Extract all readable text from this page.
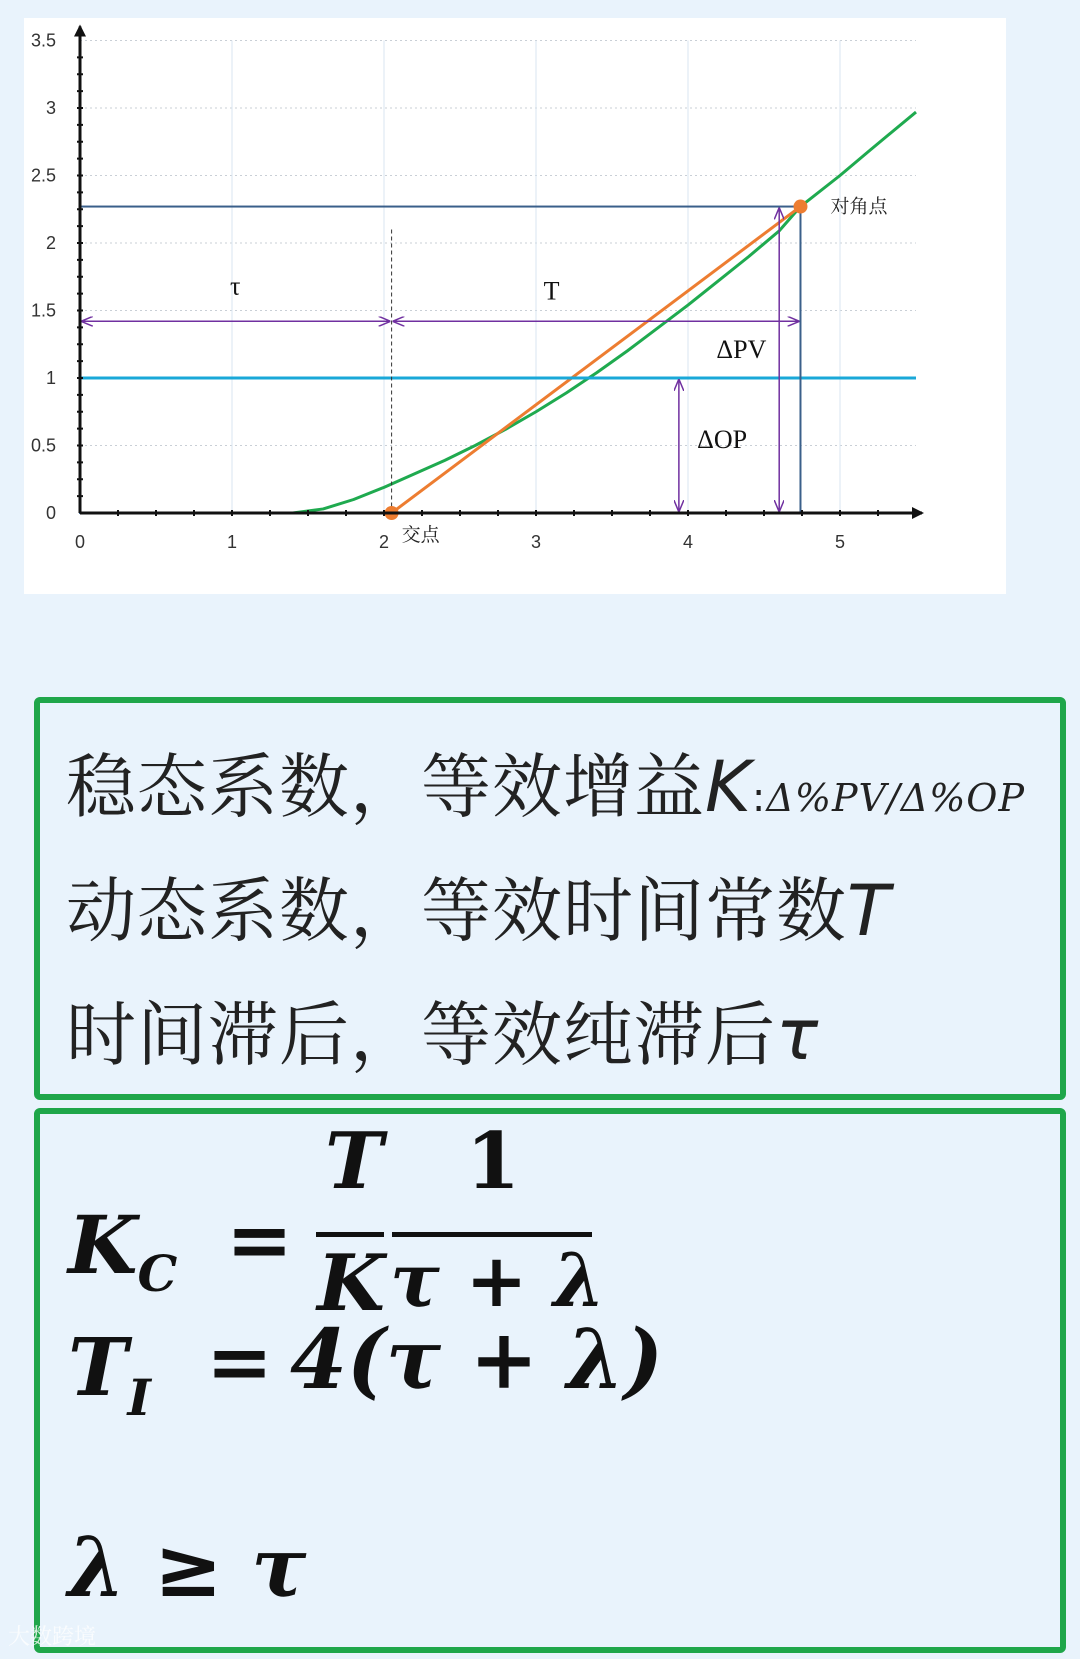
0	1	2	3	4	5
0
0.5
1
1.5
2
2.5
3
3.5
交点
对角点
τ	T
ΔPV
ΔOP
稳态系数，等效增益K:Δ%PV/Δ%OP
动态系数，等效时间常数T
时间滞后，等效纯滞后τ
$K_C$ =
T
K
1
τ + λ
$T_I = 4(\tau + \lambda)$
λ ≥ τ
大数跨境
